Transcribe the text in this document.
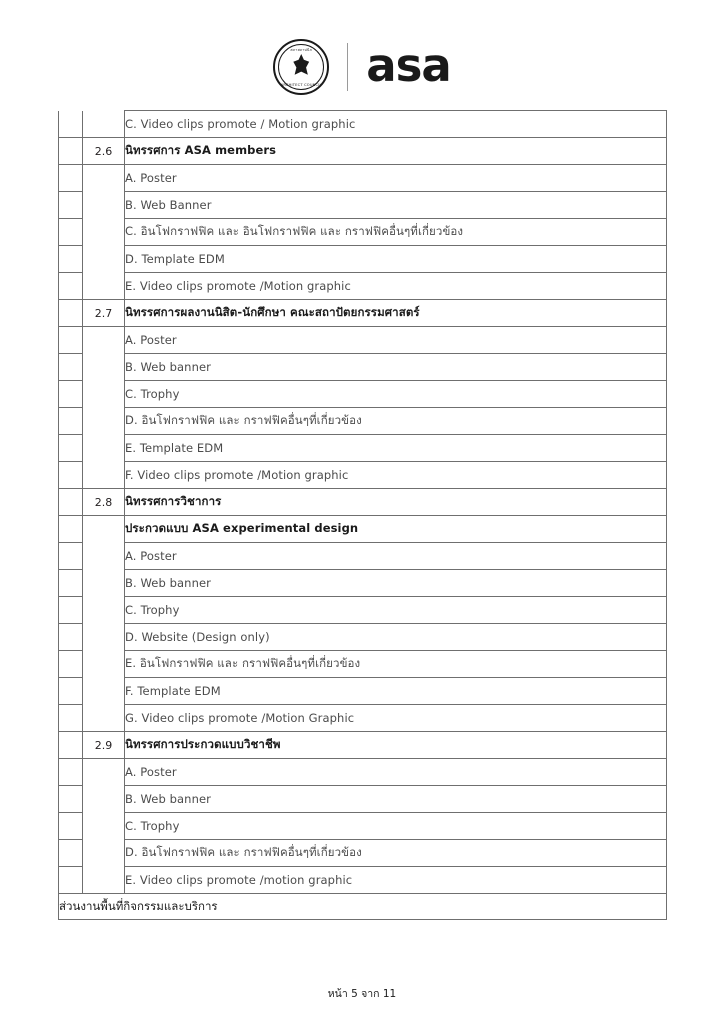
สภาสถาปนิก
ARCHITECT COUNCIL asa
		C. Video clips promote / Motion graphic
	2.6	นิทรรศการ ASA members
		A. Poster
		B. Web Banner
		C. อินโฟกราฟฟิค และ อินโฟกราฟฟิค และ กราฟฟิคอื่นๆที่เกี่ยวข้อง
		D. Template EDM
		E. Video clips promote /Motion graphic
	2.7	นิทรรศการผลงานนิสิต-นักศึกษา คณะสถาปัตยกรรมศาสตร์
		A. Poster
		B. Web banner
		C. Trophy
		D. อินโฟกราฟฟิค และ กราฟฟิคอื่นๆที่เกี่ยวข้อง
		E. Template EDM
		F. Video clips promote /Motion graphic
	2.8	นิทรรศการวิชาการ
		ประกวดแบบ ASA experimental design
		A. Poster
		B. Web banner
		C. Trophy
		D. Website (Design only)
		E. อินโฟกราฟฟิค และ กราฟฟิคอื่นๆที่เกี่ยวข้อง
		F. Template EDM
		G. Video clips promote /Motion Graphic
	2.9	นิทรรศการประกวดแบบวิชาชีพ
		A. Poster
		B. Web banner
		C. Trophy
		D. อินโฟกราฟฟิค และ กราฟฟิคอื่นๆที่เกี่ยวข้อง
		E. Video clips promote /motion graphic
ส่วนงานพื้นที่กิจกรรมและบริการ		
หน้า 5 จาก 11
